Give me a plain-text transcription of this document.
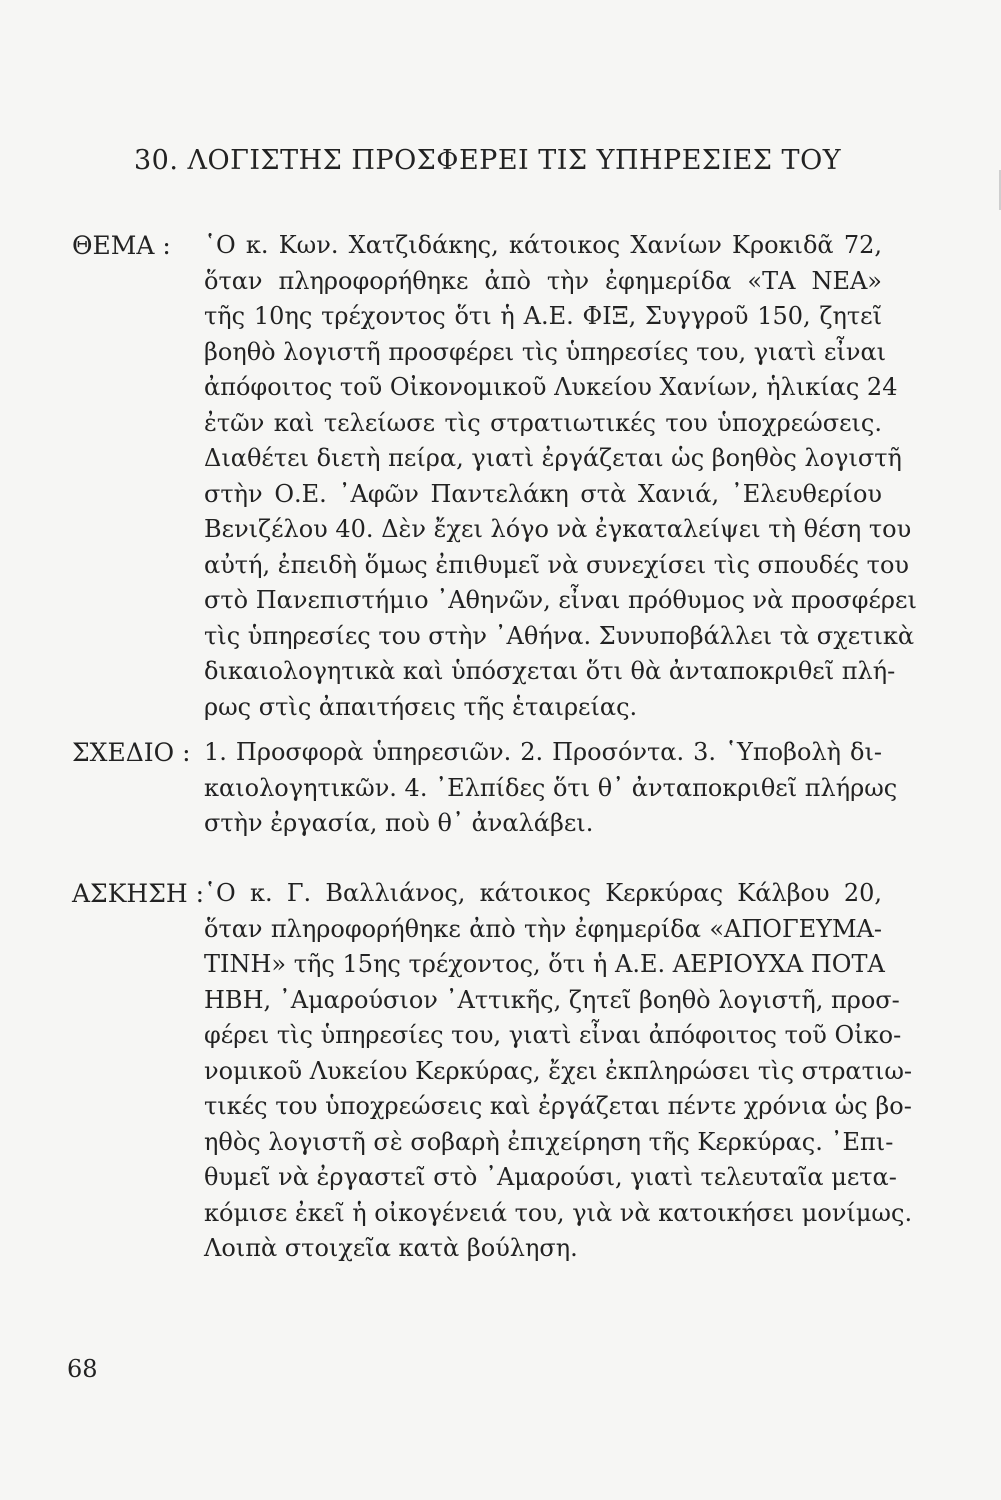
30. ΛΟΓΙΣΤΗΣ ΠΡΟΣΦΕΡΕΙ ΤΙΣ ΥΠΗΡΕΣΙΕΣ ΤΟΥ
ΘΕΜΑ : ῾Ο κ. Κων. Χατζιδάκης, κάτοικος Χανίων Κροκιδᾶ 72,
ὅταν πληροφορήθηκε ἀπὸ τὴν ἐφημερίδα «ΤΑ ΝΕΑ»
τῆς 10ης τρέχοντος ὅτι ἡ Α.Ε. ΦΙΞ, Συγγροῦ 150, ζητεῖ
βοηθὸ λογιστῆ προσφέρει τὶς ὑπηρεσίες του, γιατὶ εἶναι
ἀπόφοιτος τοῦ Οἰκονομικοῦ Λυκείου Χανίων, ἡλικίας 24
ἐτῶν καὶ τελείωσε τὶς στρατιωτικές του ὑποχρεώσεις.
Διαθέτει διετὴ πείρα, γιατὶ ἐργάζεται ὡς βοηθὸς λογιστῆ
στὴν Ο.Ε. ᾿Αφῶν Παντελάκη στὰ Χανιά, ᾿Ελευθερίου
Βενιζέλου 40. Δὲν ἔχει λόγο νὰ ἐγκαταλείψει τὴ θέση του
αὐτή, ἐπειδὴ ὅμως ἐπιθυμεῖ νὰ συνεχίσει τὶς σπουδές του
στὸ Πανεπιστήμιο ᾿Αθηνῶν, εἶναι πρόθυμος νὰ προσφέρει
τὶς ὑπηρεσίες του στὴν ᾿Αθήνα. Συνυποβάλλει τὰ σχετικὰ
δικαιολογητικὰ καὶ ὑπόσχεται ὅτι θὰ ἀνταποκριθεῖ πλή-
ρως στὶς ἀπαιτήσεις τῆς ἑταιρείας.
ΣΧΕΔΙΟ : 1. Προσφορὰ ὑπηρεσιῶν. 2. Προσόντα. 3. ῾Υποβολὴ δι-
καιολογητικῶν. 4. ᾿Ελπίδες ὅτι θ᾿ ἀνταποκριθεῖ πλήρως
στὴν ἐργασία, ποὺ θ᾿ ἀναλάβει.
ΑΣΚΗΣΗ : ῾Ο κ. Γ. Βαλλιάνος, κάτοικος Κερκύρας Κάλβου 20,
ὅταν πληροφορήθηκε ἀπὸ τὴν ἐφημερίδα «ΑΠΟΓΕΥΜΑ-
ΤΙΝΗ» τῆς 15ης τρέχοντος, ὅτι ἡ Α.Ε. ΑΕΡΙΟΥΧΑ ΠΟΤΑ
ΗΒΗ, ᾿Αμαρούσιον ᾿Αττικῆς, ζητεῖ βοηθὸ λογιστῆ, προσ-
φέρει τὶς ὑπηρεσίες του, γιατὶ εἶναι ἀπόφοιτος τοῦ Οἰκο-
νομικοῦ Λυκείου Κερκύρας, ἔχει ἐκπληρώσει τὶς στρατιω-
τικές του ὑποχρεώσεις καὶ ἐργάζεται πέντε χρόνια ὡς βο-
ηθὸς λογιστῆ σὲ σοβαρὴ ἐπιχείρηση τῆς Κερκύρας. ᾿Επι-
θυμεῖ νὰ ἐργαστεῖ στὸ ᾿Αμαρούσι, γιατὶ τελευταῖα μετα-
κόμισε ἐκεῖ ἡ οἰκογένειά του, γιὰ νὰ κατοικήσει μονίμως.
Λοιπὰ στοιχεῖα κατὰ βούληση.
68
